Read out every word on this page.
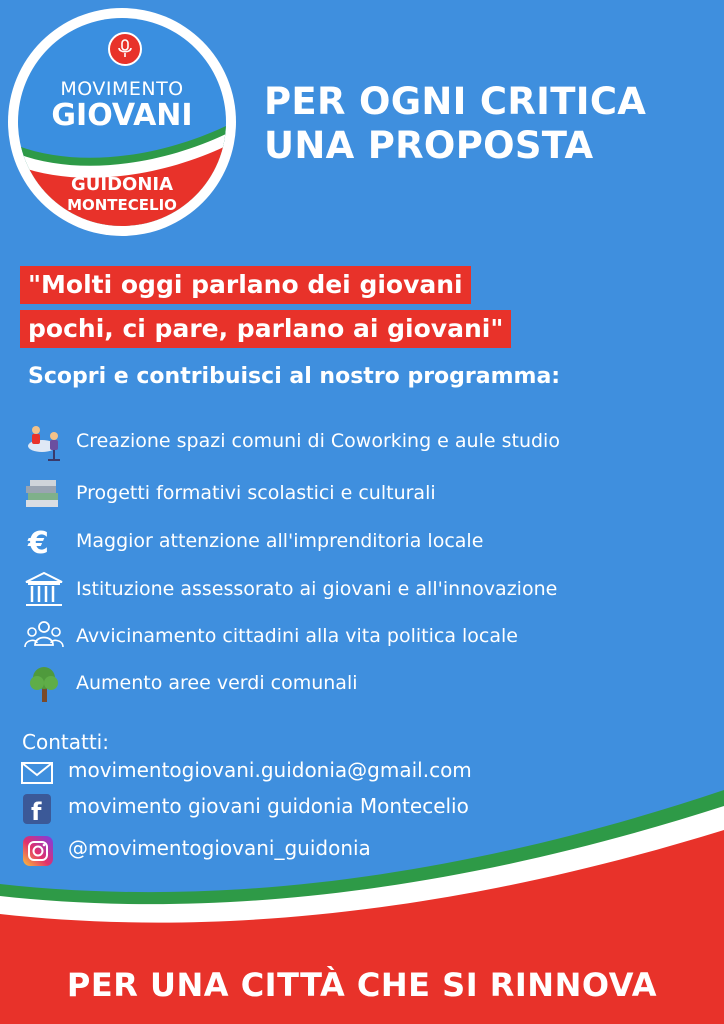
MOVIMENTO
GIOVANI
GUIDONIA
MONTECELIO
PER OGNI CRITICA
UNA PROPOSTA
"Molti oggi parlano dei giovani
pochi, ci pare, parlano ai giovani"
Scopri e contribuisci al nostro programma:
Creazione spazi comuni di Coworking e aule studio
Progetti formativi scolastici e culturali
€ Maggior attenzione all'imprenditoria locale
Istituzione assessorato ai giovani e all'innovazione
Avvicinamento cittadini alla vita politica locale
Aumento aree verdi comunali
Contatti:
movimentogiovani.guidonia@gmail.com
f movimento giovani guidonia Montecelio
@movimentogiovani_guidonia
PER UNA CITTÀ CHE SI RINNOVA
